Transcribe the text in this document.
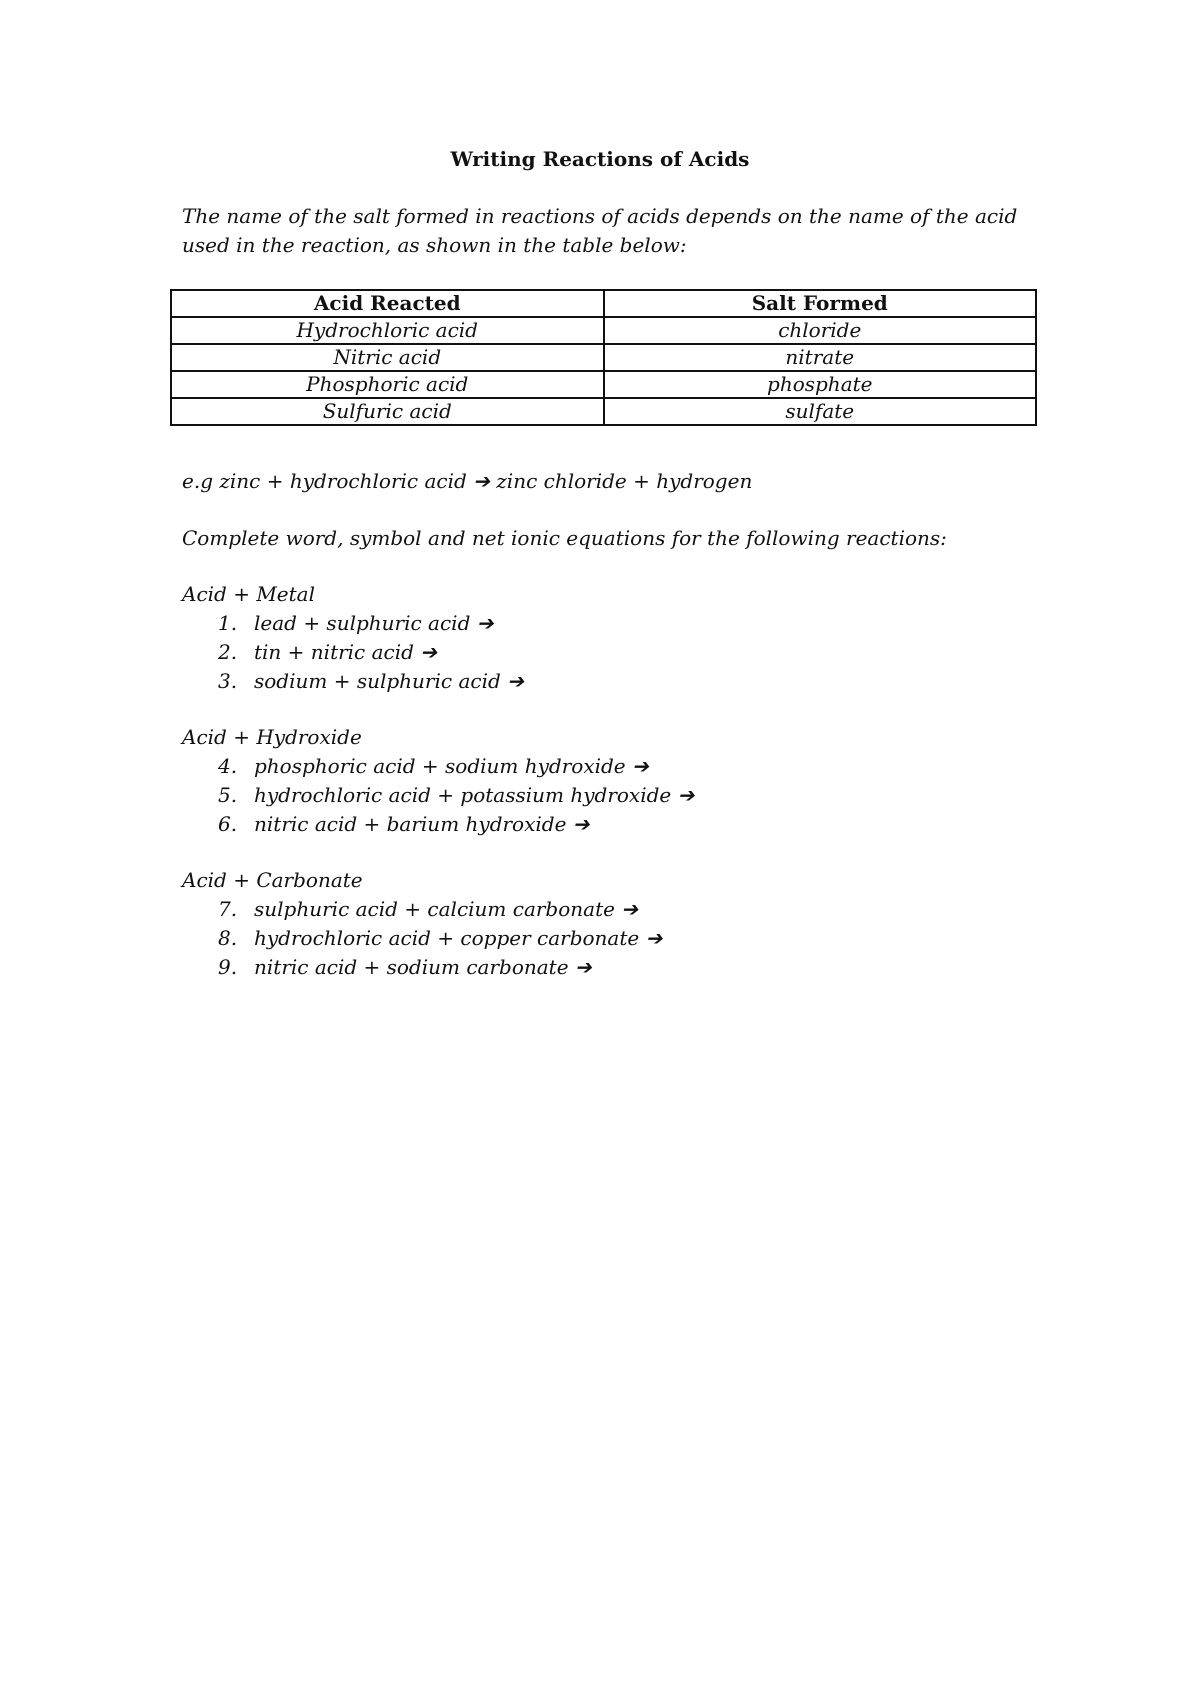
Writing Reactions of Acids
The name of the salt formed in reactions of acids depends on the name of the acid used in the reaction, as shown in the table below:
Acid Reacted	Salt Formed
Hydrochloric acid	chloride
Nitric acid	nitrate
Phosphoric acid	phosphate
Sulfuric acid	sulfate
e.g zinc + hydrochloric acid ➔ zinc chloride + hydrogen
Complete word, symbol and net ionic equations for the following reactions:
Acid + Metal
1. lead + sulphuric acid ➔
2. tin + nitric acid ➔
3. sodium + sulphuric acid ➔
Acid + Hydroxide
4. phosphoric acid + sodium hydroxide ➔
5. hydrochloric acid + potassium hydroxide ➔
6. nitric acid + barium hydroxide ➔
Acid + Carbonate
7. sulphuric acid + calcium carbonate ➔
8. hydrochloric acid + copper carbonate ➔
9. nitric acid + sodium carbonate ➔
